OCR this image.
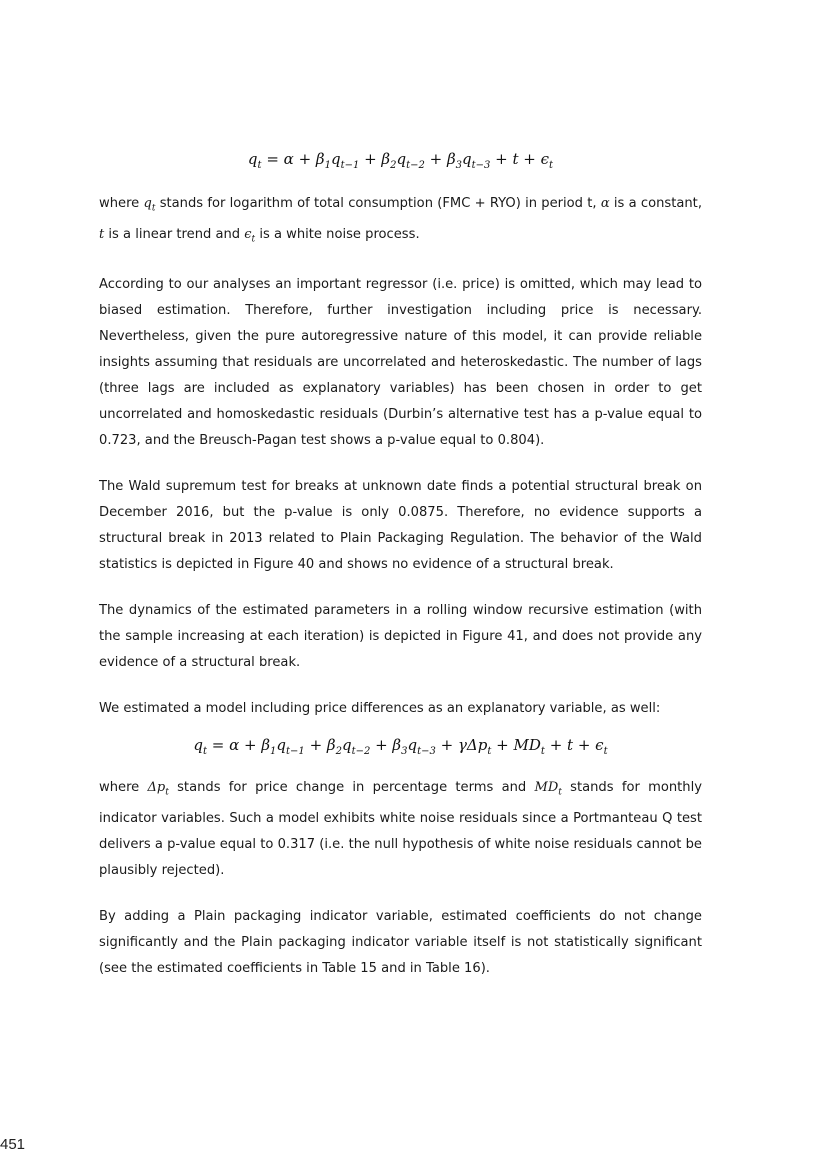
$q_t = \alpha + \beta_1q_{t-1} + \beta_2q_{t-2} + \beta_3q_{t-3} + t + \epsilon_t$

where $q_t$ stands for logarithm of total consumption (FMC + RYO) in period t, α is a constant, t is a linear trend and $\epsilon_t$ is a white noise process.

According to our analyses an important regressor (i.e. price) is omitted, which may lead to biased estimation. Therefore, further investigation including price is necessary. Nevertheless, given the pure autoregressive nature of this model, it can provide reliable insights assuming that residuals are uncorrelated and heteroskedastic. The number of lags (three lags are included as explanatory variables) has been chosen in order to get uncorrelated and homoskedastic residuals (Durbin’s alternative test has a p-value equal to 0.723, and the Breusch-Pagan test shows a p-value equal to 0.804).

The Wald supremum test for breaks at unknown date finds a potential structural break on December 2016, but the p-value is only 0.0875. Therefore, no evidence supports a structural break in 2013 related to Plain Packaging Regulation. The behavior of the Wald statistics is depicted in Figure 40 and shows no evidence of a structural break.

The dynamics of the estimated parameters in a rolling window recursive estimation (with the sample increasing at each iteration) is depicted in Figure 41, and does not provide any evidence of a structural break.

We estimated a model including price differences as an explanatory variable, as well:

$q_t = \alpha + \beta_1q_{t-1} + \beta_2q_{t-2} + \beta_3q_{t-3} + \gamma\Delta p_t + MD_t + t + \epsilon_t$

where $\Delta p_t$ stands for price change in percentage terms and $MD_t$ stands for monthly indicator variables. Such a model exhibits white noise residuals since a Portmanteau Q test delivers a p-value equal to 0.317 (i.e. the null hypothesis of white noise residuals cannot be plausibly rejected).

By adding a Plain packaging indicator variable, estimated coefficients do not change significantly and the Plain packaging indicator variable itself is not statistically significant (see the estimated coefficients in Table 15 and in Table 16).

451
